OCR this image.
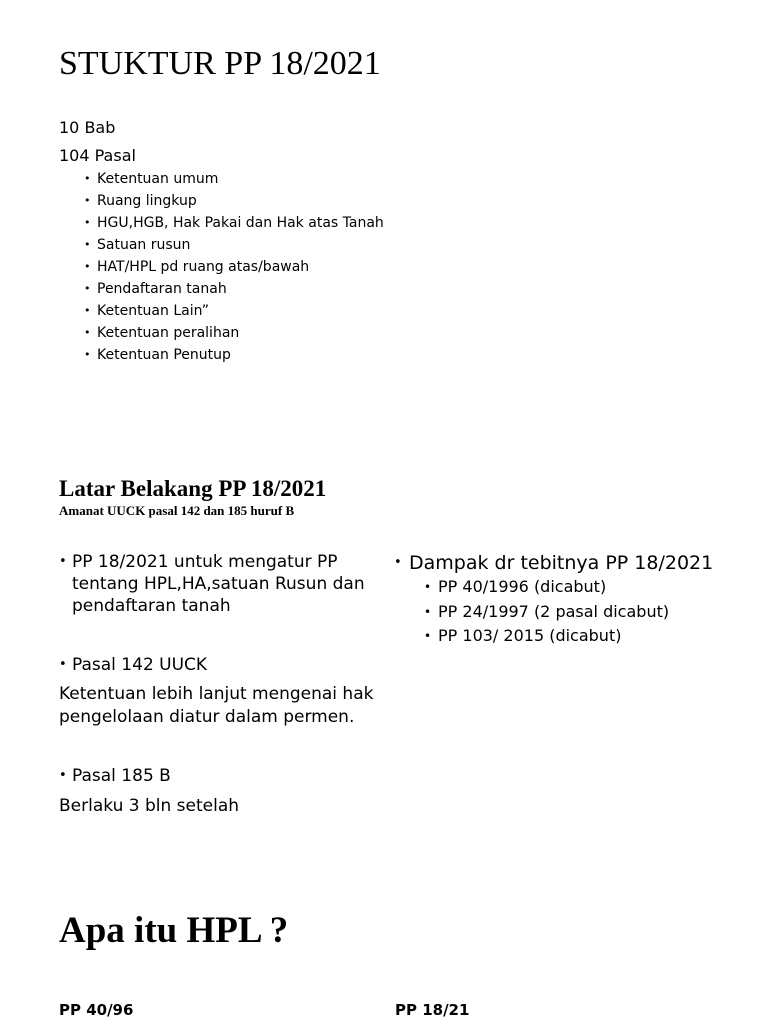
STUKTUR PP 18/2021
10 Bab
104 Pasal
• Ketentuan umum
• Ruang lingkup
• HGU,HGB, Hak Pakai dan Hak atas Tanah
• Satuan rusun
• HAT/HPL pd ruang atas/bawah
• Pendaftaran tanah
• Ketentuan Lain”
• Ketentuan peralihan
• Ketentuan Penutup
Latar Belakang PP 18/2021
Amanat UUCK pasal 142 dan 185 huruf B
• PP 18/2021 untuk mengatur PP tentang HPL,HA,satuan Rusun dan pendaftaran tanah
• Pasal 142 UUCK
Ketentuan lebih lanjut mengenai hak pengelolaan diatur dalam permen.
• Pasal 185 B
Berlaku 3 bln setelah
• Dampak dr tebitnya PP 18/2021
• PP 40/1996 (dicabut)
• PP 24/1997 (2 pasal dicabut)
• PP 103/ 2015 (dicabut)
Apa itu HPL ?
PP 40/96	PP 18/21
